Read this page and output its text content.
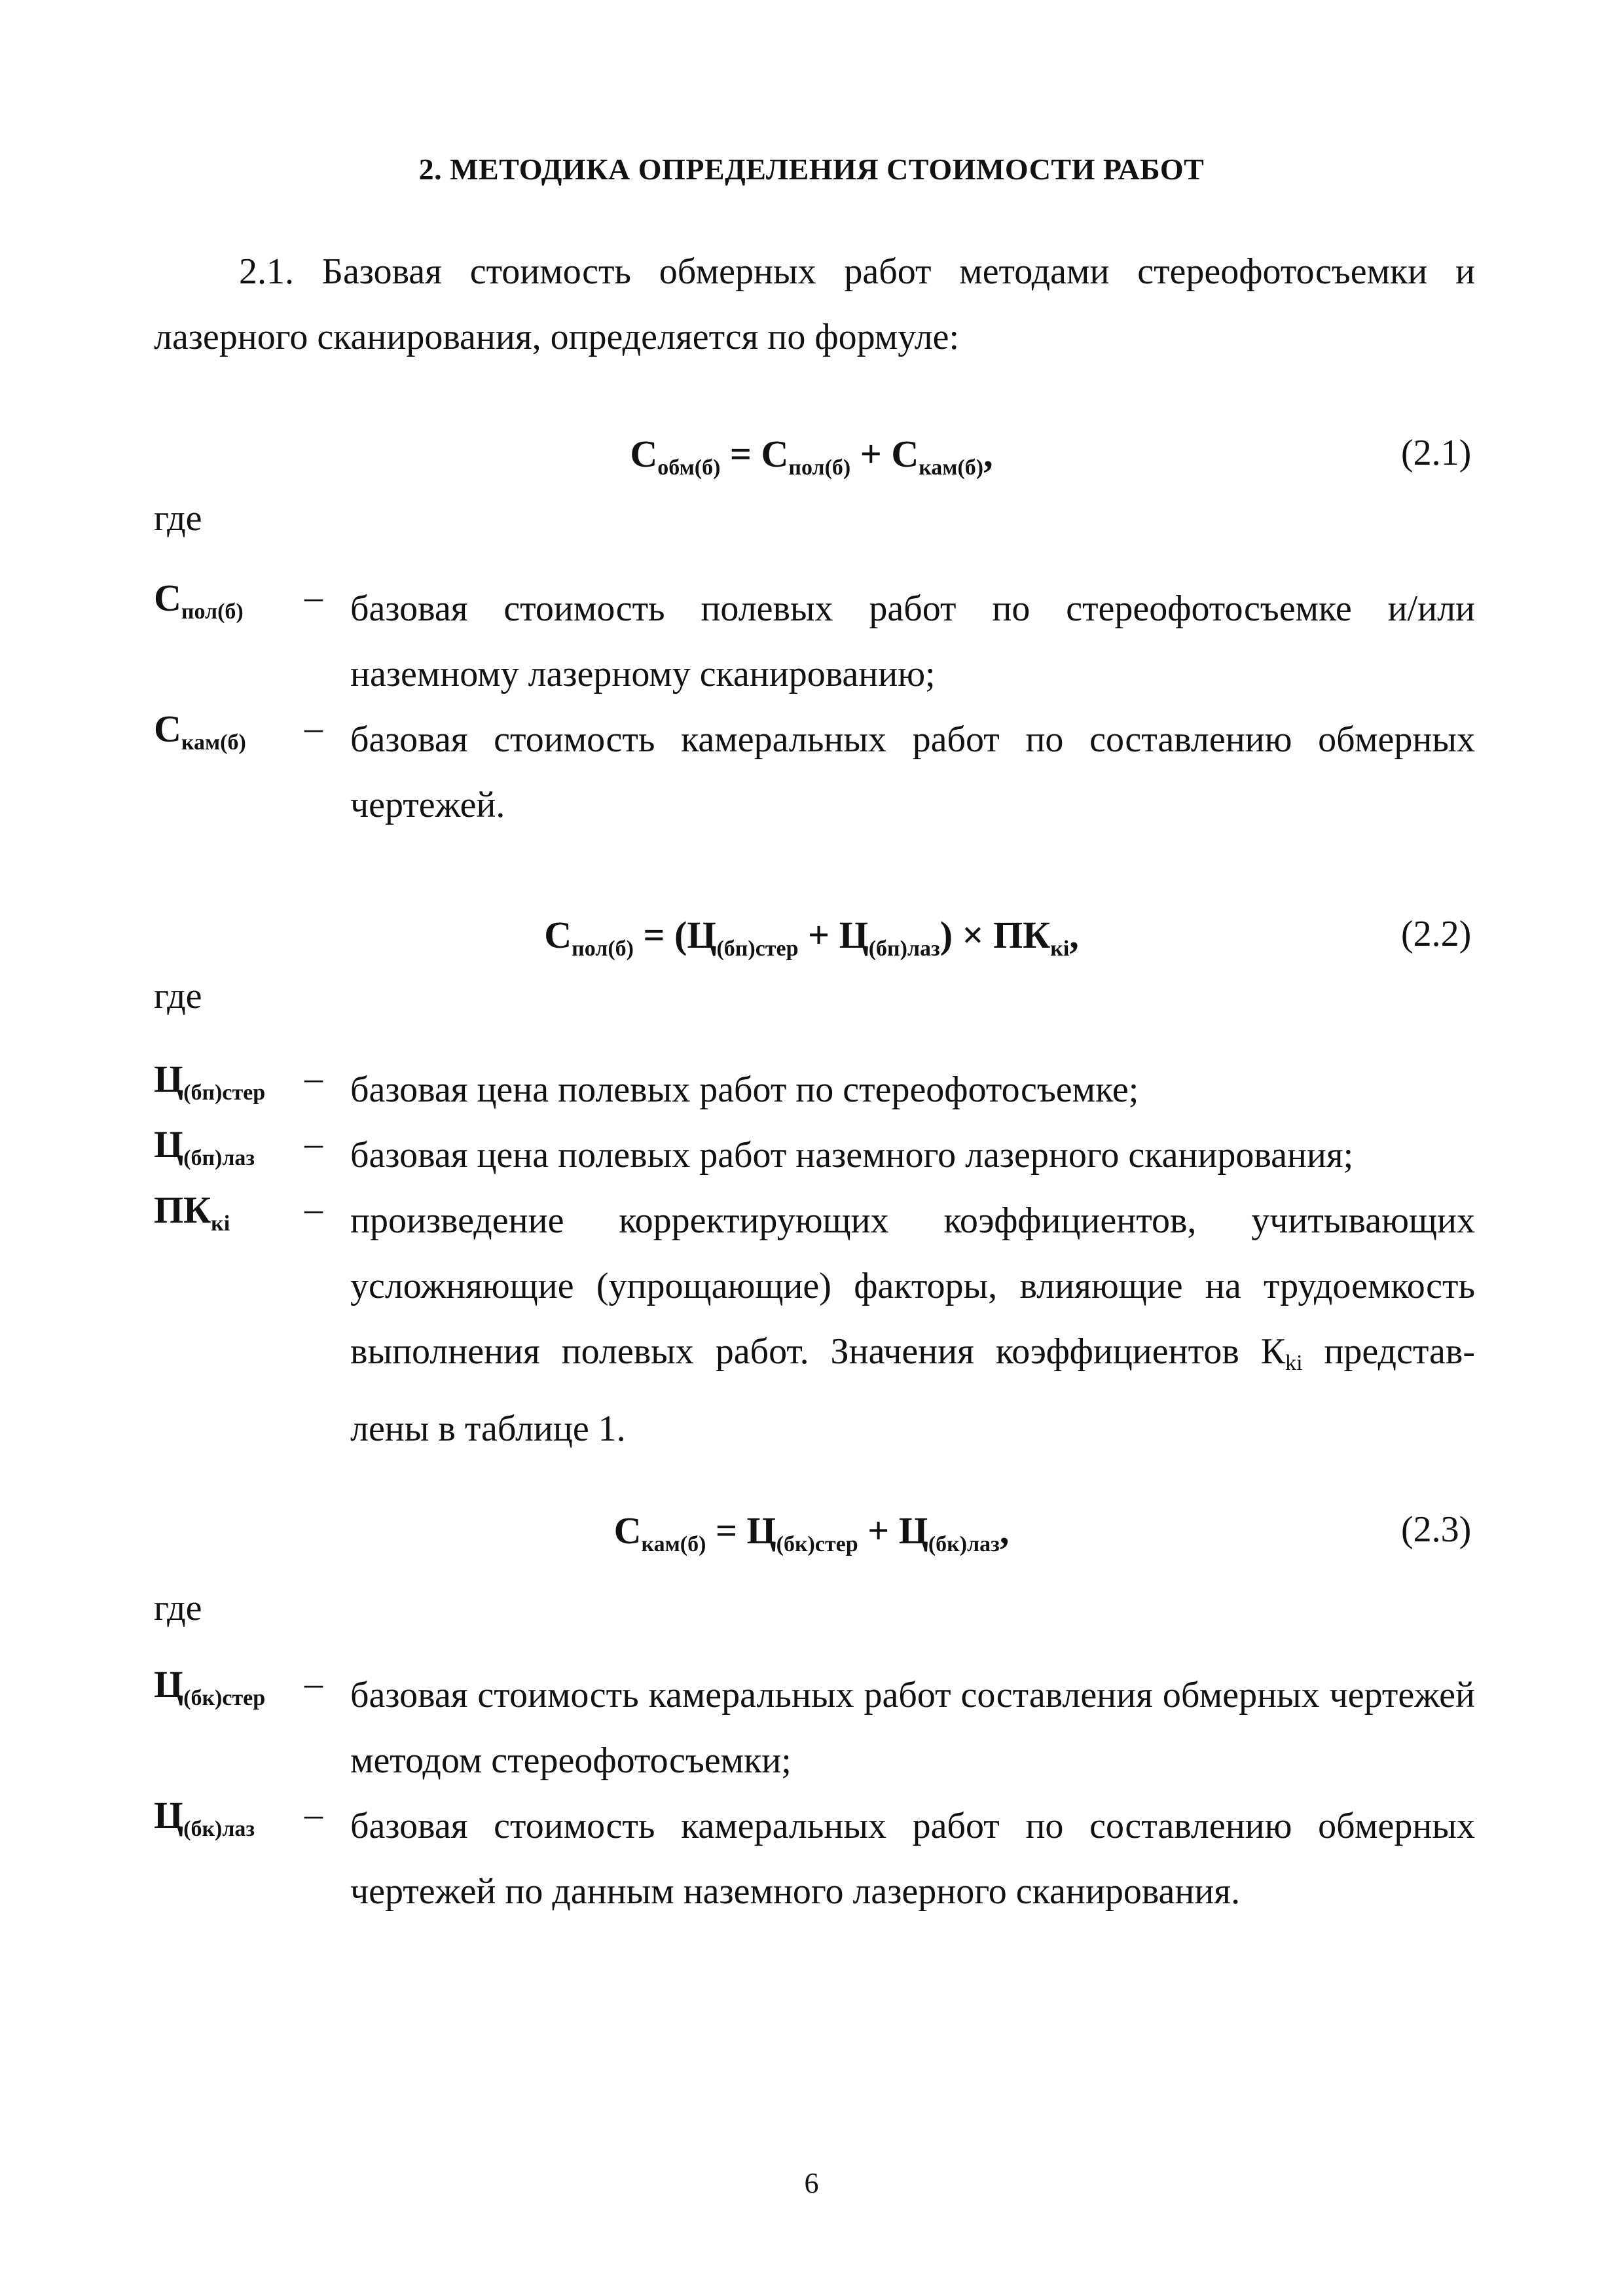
2. МЕТОДИКА ОПРЕДЕЛЕНИЯ СТОИМОСТИ РАБОТ
2.1. Базовая стоимость обмерных работ методами стереофотосъемки и лазерного сканирования, определяется по формуле:
$С_{обм(б)} = С_{пол(б)} + С_{кам(б)}$,	(2.1)
где
$С_{пол(б)}$ – базовая стоимость полевых работ по стереофотосъемке и/или наземному лазерному сканированию;
$С_{кам(б)}$ – базовая стоимость камеральных работ по составлению обмерных чертежей.
$С_{пол(б)} = (Ц_{(бп)стер} + Ц_{(бп)лаз}) \times ПК_{кi}$,	(2.2)
где
$Ц_{(бп)стер}$ – базовая цена полевых работ по стереофотосъемке;
$Ц_{(бп)лаз}$ – базовая цена полевых работ наземного лазерного сканирования;
$ПК_{кi}$ – произведение корректирующих коэффициентов, учитывающих усложняющие (упрощающие) факторы, влияющие на трудоемкость выполнения полевых работ. Значения коэффициентов $К_{ki}$ представ-лены в таблице 1.
$С_{кам(б)} = Ц_{(бк)стер} + Ц_{(бк)лаз}$,	(2.3)
где
$Ц_{(бк)стер}$ – базовая стоимость камеральных работ составления обмерных чертежей методом стереофотосъемки;
$Ц_{(бк)лаз}$ – базовая стоимость камеральных работ по составлению обмерных чертежей по данным наземного лазерного сканирования.
6
